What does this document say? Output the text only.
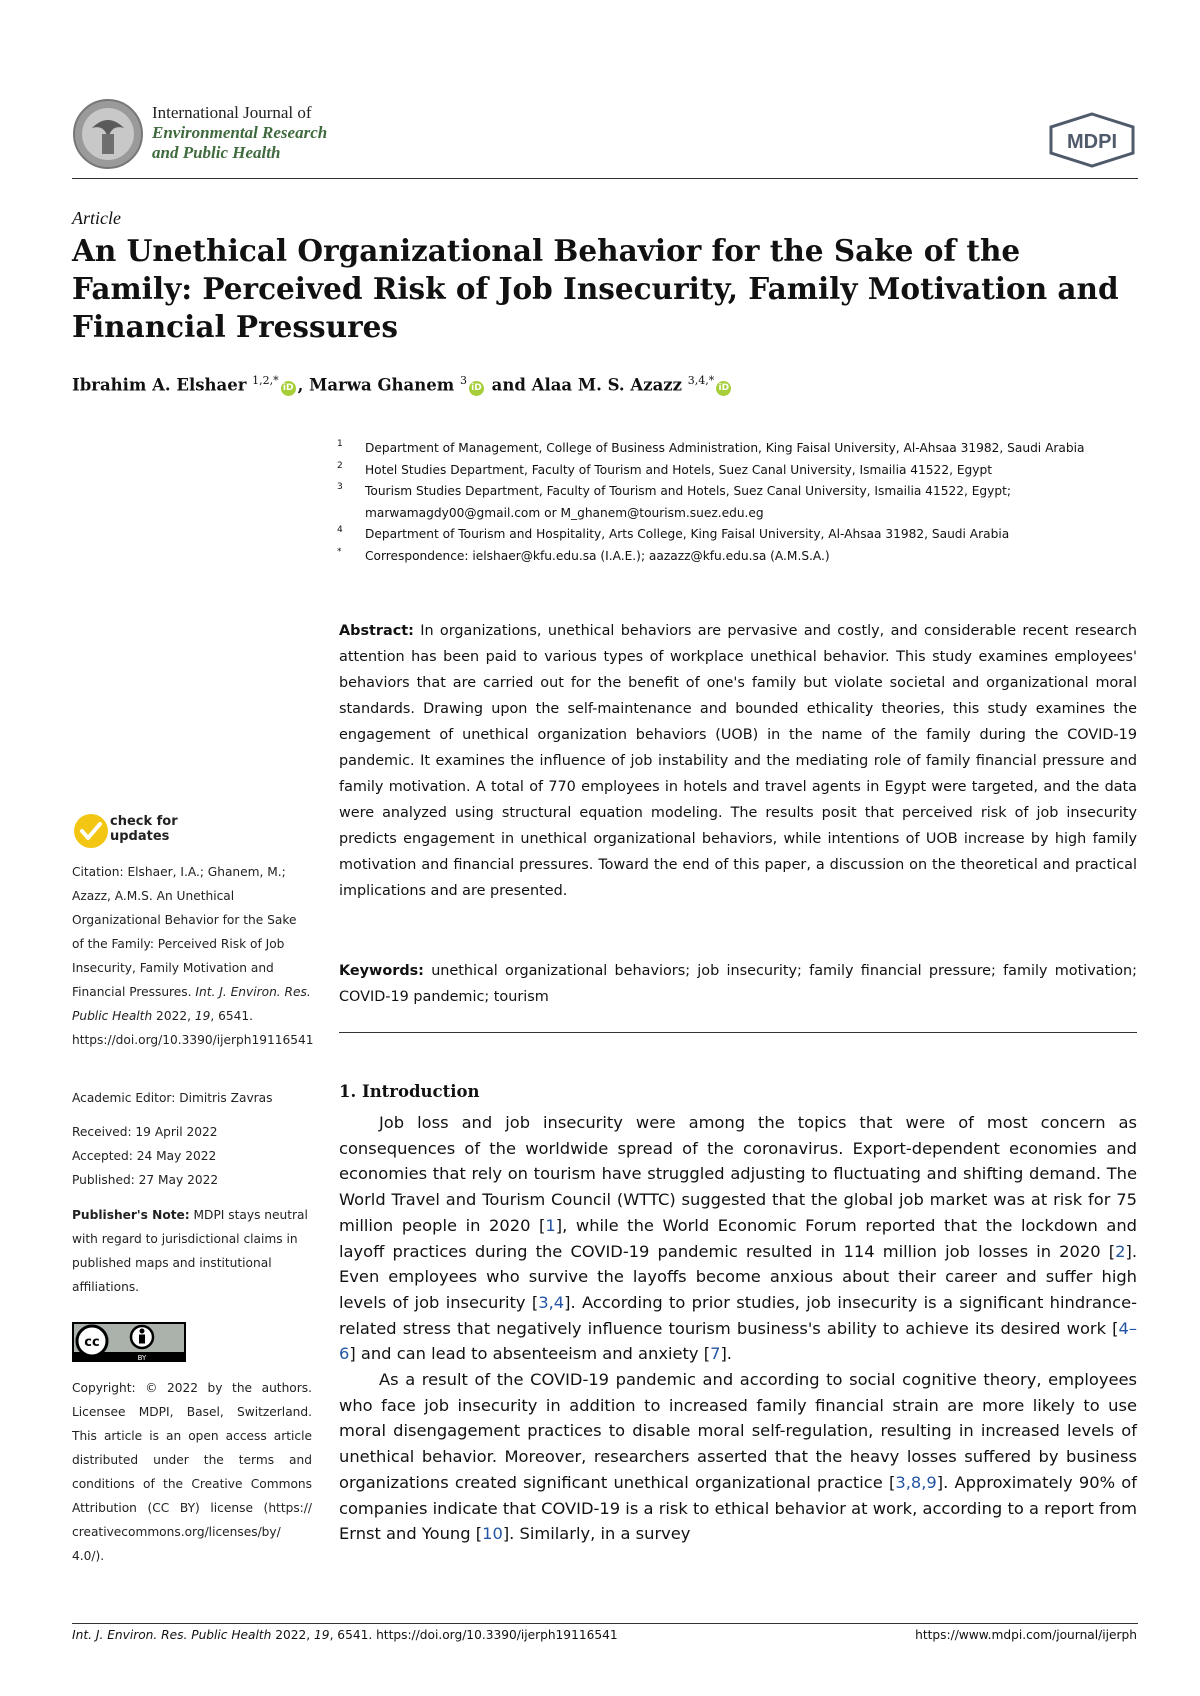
International Journal of
Environmental Research
and Public Health	MDPI
Article
An Unethical Organizational Behavior for the Sake of the Family: Perceived Risk of Job Insecurity, Family Motivation and Financial Pressures
Ibrahim A. Elshaer $^{1,2,*}$iD , Marwa Ghanem $^3$iD and Alaa M. S. Azazz $^{3,4,*}$iD
1 Department of Management, College of Business Administration, King Faisal University, Al-Ahsaa 31982, Saudi Arabia
2 Hotel Studies Department, Faculty of Tourism and Hotels, Suez Canal University, Ismailia 41522, Egypt
3 Tourism Studies Department, Faculty of Tourism and Hotels, Suez Canal University, Ismailia 41522, Egypt; marwamagdy00@gmail.com or M_ghanem@tourism.suez.edu.eg
4 Department of Tourism and Hospitality, Arts College, King Faisal University, Al-Ahsaa 31982, Saudi Arabia
* Correspondence: ielshaer@kfu.edu.sa (I.A.E.); aazazz@kfu.edu.sa (A.M.S.A.)
Abstract: In organizations, unethical behaviors are pervasive and costly, and considerable recent research attention has been paid to various types of workplace unethical behavior. This study examines employees' behaviors that are carried out for the benefit of one's family but violate societal and organizational moral standards. Drawing upon the self-maintenance and bounded ethicality theories, this study examines the engagement of unethical organization behaviors (UOB) in the name of the family during the COVID-19 pandemic. It examines the influence of job instability and the mediating role of family financial pressure and family motivation. A total of 770 employees in hotels and travel agents in Egypt were targeted, and the data were analyzed using structural equation modeling. The results posit that perceived risk of job insecurity predicts engagement in unethical organizational behaviors, while intentions of UOB increase by high family motivation and financial pressures. Toward the end of this paper, a discussion on the theoretical and practical implications and are presented.
Keywords: unethical organizational behaviors; job insecurity; family financial pressure; family motivation; COVID-19 pandemic; tourism
1. Introduction

Job loss and job insecurity were among the topics that were of most concern as consequences of the worldwide spread of the coronavirus. Export-dependent economies and economies that rely on tourism have struggled adjusting to fluctuating and shifting demand. The World Travel and Tourism Council (WTTC) suggested that the global job market was at risk for 75 million people in 2020 [1], while the World Economic Forum reported that the lockdown and layoff practices during the COVID-19 pandemic resulted in 114 million job losses in 2020 [2]. Even employees who survive the layoffs become anxious about their career and suffer high levels of job insecurity [3,4]. According to prior studies, job insecurity is a significant hindrance-related stress that negatively influence tourism business's ability to achieve its desired work [4–6] and can lead to absenteeism and anxiety [7].

As a result of the COVID-19 pandemic and according to social cognitive theory, employees who face job insecurity in addition to increased family financial strain are more likely to use moral disengagement practices to disable moral self-regulation, resulting in increased levels of unethical behavior. Moreover, researchers asserted that the heavy losses suffered by business organizations created significant unethical organizational practice [3,8,9]. Approximately 90% of companies indicate that COVID-19 is a risk to ethical behavior at work, according to a report from Ernst and Young [10]. Similarly, in a survey

check for
updates
Citation: Elshaer, I.A.; Ghanem, M.; Azazz, A.M.S. An Unethical Organizational Behavior for the Sake of the Family: Perceived Risk of Job Insecurity, Family Motivation and Financial Pressures. Int. J. Environ. Res. Public Health 2022, 19, 6541. https://doi.org/10.3390/ijerph19116541
Academic Editor: Dimitris Zavras
Received: 19 April 2022
Accepted: 24 May 2022
Published: 27 May 2022
Publisher's Note: MDPI stays neutral with regard to jurisdictional claims in published maps and institutional affiliations.
cc
BY
Copyright: © 2022 by the authors. Licensee MDPI, Basel, Switzerland. This article is an open access article distributed under the terms and conditions of the Creative Commons Attribution (CC BY) license (https:// creativecommons.org/licenses/by/ 4.0/).
Int. J. Environ. Res. Public Health 2022, 19, 6541. https://doi.org/10.3390/ijerph19116541	https://www.mdpi.com/journal/ijerph
